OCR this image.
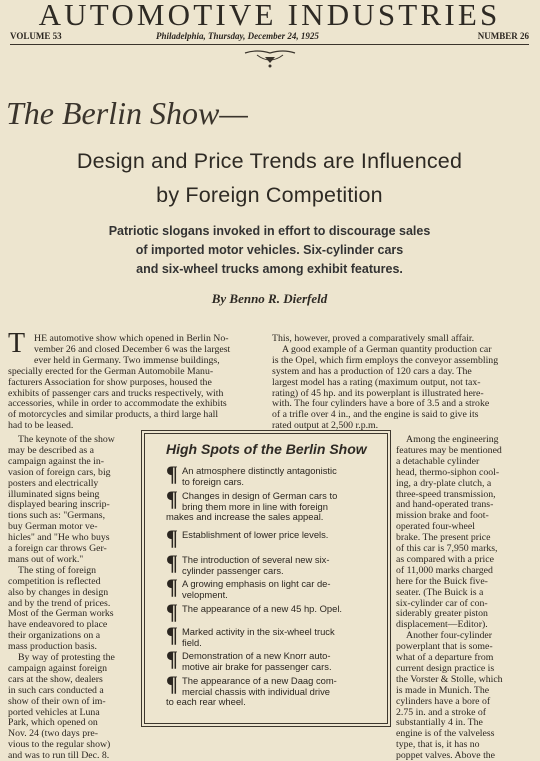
AUTOMOTIVE INDUSTRIES
VOLUME 53	Philadelphia, Thursday, December 24, 1925	NUMBER 26
The Berlin Show—
Design and Price Trends are Influenced
by Foreign Competition
Patriotic slogans invoked in effort to discourage sales
of imported motor vehicles. Six-cylinder cars
and six-wheel trucks among exhibit features.
By Benno R. Dierfeld
T HE automotive show which opened in Berlin No-
vember 26 and closed December 6 was the largest
ever held in Germany. Two immense buildings,
specially erected for the German Automobile Manu-
facturers Association for show purposes, housed the
exhibits of passenger cars and trucks respectively, with
accessories, while in order to accommodate the exhibits
of motorcycles and similar products, a third large hall
had to be leased.
The keynote of the show
may be described as a
campaign against the in-
vasion of foreign cars, big
posters and electrically
illuminated signs being
displayed bearing inscrip-
tions such as: "Germans,
buy German motor ve-
hicles" and "He who buys
a foreign car throws Ger-
mans out of work."
The sting of foreign
competition is reflected
also by changes in design
and by the trend of prices.
Most of the German works
have endeavored to place
their organizations on a
mass production basis.
By way of protesting the
campaign against foreign
cars at the show, dealers
in such cars conducted a
show of their own of im-
ported vehicles at Luna
Park, which opened on
Nov. 24 (two days pre-
vious to the regular show)
and was to run till Dec. 8.
This, however, proved a comparatively small affair.
A good example of a German quantity production car
is the Opel, which firm employs the conveyor assembling
system and has a production of 120 cars a day. The
largest model has a rating (maximum output, not tax-
rating) of 45 hp. and its powerplant is illustrated here-
with. The four cylinders have a bore of 3.5 and a stroke
of a trifle over 4 in., and the engine is said to give its
rated output at 2,500 r.p.m.
Among the engineering
features may be mentioned
a detachable cylinder
head, thermo-siphon cool-
ing, a dry-plate clutch, a
three-speed transmission,
and hand-operated trans-
mission brake and foot-
operated four-wheel
brake. The present price
of this car is 7,950 marks,
as compared with a price
of 11,000 marks charged
here for the Buick five-
seater. (The Buick is a
six-cylinder car of con-
siderably greater piston
displacement—Editor).
Another four-cylinder
powerplant that is some-
what of a departure from
current design practice is
the Vorster & Stolle, which
is made in Munich. The
cylinders have a bore of
2.75 in. and a stroke of
substantially 4 in. The
engine is of the valveless
type, that is, it has no
poppet valves. Above the
High Spots of the Berlin Show
¶ An atmosphere distinctly antagonistic
to foreign cars.
¶ Changes in design of German cars to
bring them more in line with foreign
makes and increase the sales appeal.
¶ Establishment of lower price levels.
¶ The introduction of several new six-
cylinder passenger cars.
¶ A growing emphasis on light car de-
velopment.
¶ The appearance of a new 45 hp. Opel.
¶ Marked activity in the six-wheel truck
field.
¶ Demonstration of a new Knorr auto-
motive air brake for passenger cars.
¶ The appearance of a new Daag com-
mercial chassis with individual drive
to each rear wheel.
